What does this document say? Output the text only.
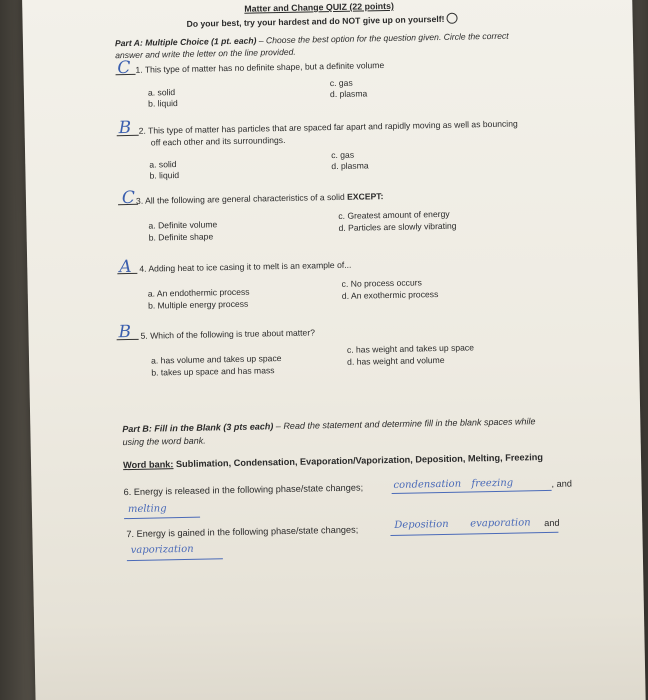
Matter and Change QUIZ (22 points)
Do your best, try your hardest and do NOT give up on yourself!
Part A: Multiple Choice (1 pt. each) – Choose the best option for the question given. Circle the correct
answer and write the letter on the line provided.
C 1. This type of matter has no definite shape, but a definite volume
a. solid
b. liquid
c. gas
d. plasma
B 2. This type of matter has particles that are spaced far apart and rapidly moving as well as bouncing
off each other and its surroundings.
a. solid
b. liquid
c. gas
d. plasma
C 3. All the following are general characteristics of a solid EXCEPT:
a. Definite volume
b. Definite shape
c. Greatest amount of energy
d. Particles are slowly vibrating
A 4. Adding heat to ice casing it to melt is an example of...
a. An endothermic process
b. Multiple energy process
c. No process occurs
d. An exothermic process
B 5. Which of the following is true about matter?
a. has volume and takes up space
b. takes up space and has mass
c. has weight and takes up space
d. has weight and volume
Part B: Fill in the Blank (3 pts each) – Read the statement and determine fill in the blank spaces while
using the word bank.
Word bank: Sublimation, Condensation, Evaporation/Vaporization, Deposition, Melting, Freezing
6. Energy is released in the following phase/state changes;	condensation freezing	, and
melting
7. Energy is gained in the following phase/state changes;	Deposition evaporation and
vaporization
